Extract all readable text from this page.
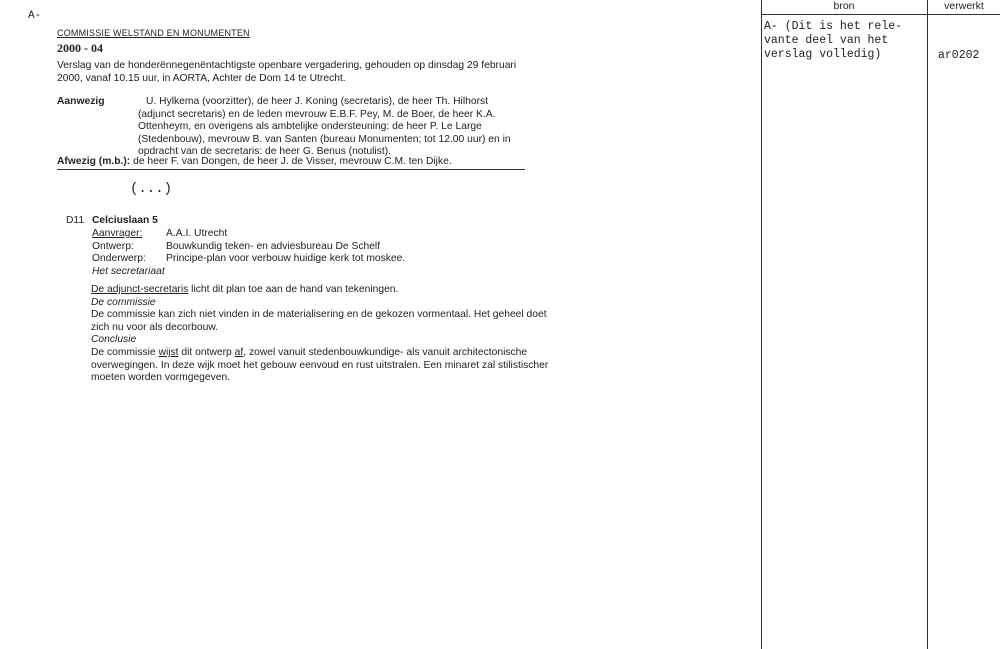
A-
COMMISSIE WELSTAND EN MONUMENTEN
2000 - 04
Verslag van de honderënnegenëntachtigste openbare vergadering, gehouden op dinsdag 29 februari
2000, vanaf 10.15 uur, in AORTA, Achter de Dom 14 te Utrecht.
Aanwezig	U. Hylkema (voorzitter), de heer J. Koning (secretaris), de heer Th. Hilhorst
(adjunct secretaris) en de leden mevrouw E.B.F. Pey, M. de Boer, de heer K.A.
Ottenheym, en overigens als ambtelijke ondersteuning: de heer P. Le Large
(Stedenbouw), mevrouw B. van Santen (bureau Monumenten; tot 12.00 uur) en in
opdracht van de secretaris: de heer G. Benus (notulist).
Afwezig (m.b.): de heer F. van Dongen, de heer J. de Visser, mevrouw C.M. ten Dijke.
(...)
D11 Celciuslaan 5
Aanvrager: A.A.I. Utrecht
Ontwerp:	Bouwkundig teken- en adviesbureau De Schelf
Onderwerp: Principe-plan voor verbouw huidige kerk tot moskee.
Het secretariaat
De adjunct-secretaris licht dit plan toe aan de hand van tekeningen.
De commissie
De commissie kan zich niet vinden in de materialisering en de gekozen vormentaal. Het geheel doet
zich nu voor als decorbouw.
Conclusie
De commissie wijst dit ontwerp af, zowel vanuit stedenbouwkundige- als vanuit architectonische
overwegingen. In deze wijk moet het gebouw eenvoud en rust uitstralen. Een minaret zal stilistischer
moeten worden vormgegeven.
bron	verwerkt
A- (Dit is het rele-
vante deel van het
verslag volledig)	ar0202
